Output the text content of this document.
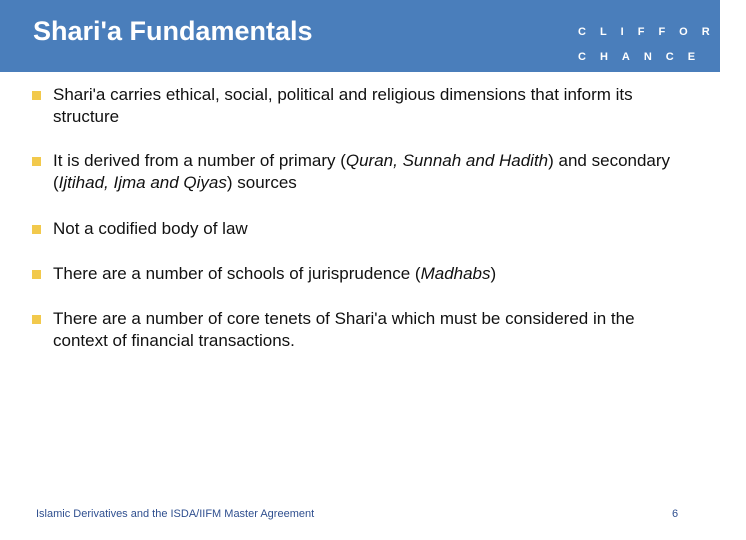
Shari'a Fundamentals	CLIFFORD
CHANCE
Shari'a carries ethical, social, political and religious dimensions that inform its structure
It is derived from a number of primary (Quran, Sunnah and Hadith) and secondary (Ijtihad, Ijma and Qiyas) sources
Not a codified body of law
There are a number of schools of jurisprudence (Madhabs)
There are a number of core tenets of Shari'a which must be considered in the context of financial transactions.
Islamic Derivatives and the ISDA/IIFM Master Agreement	6
